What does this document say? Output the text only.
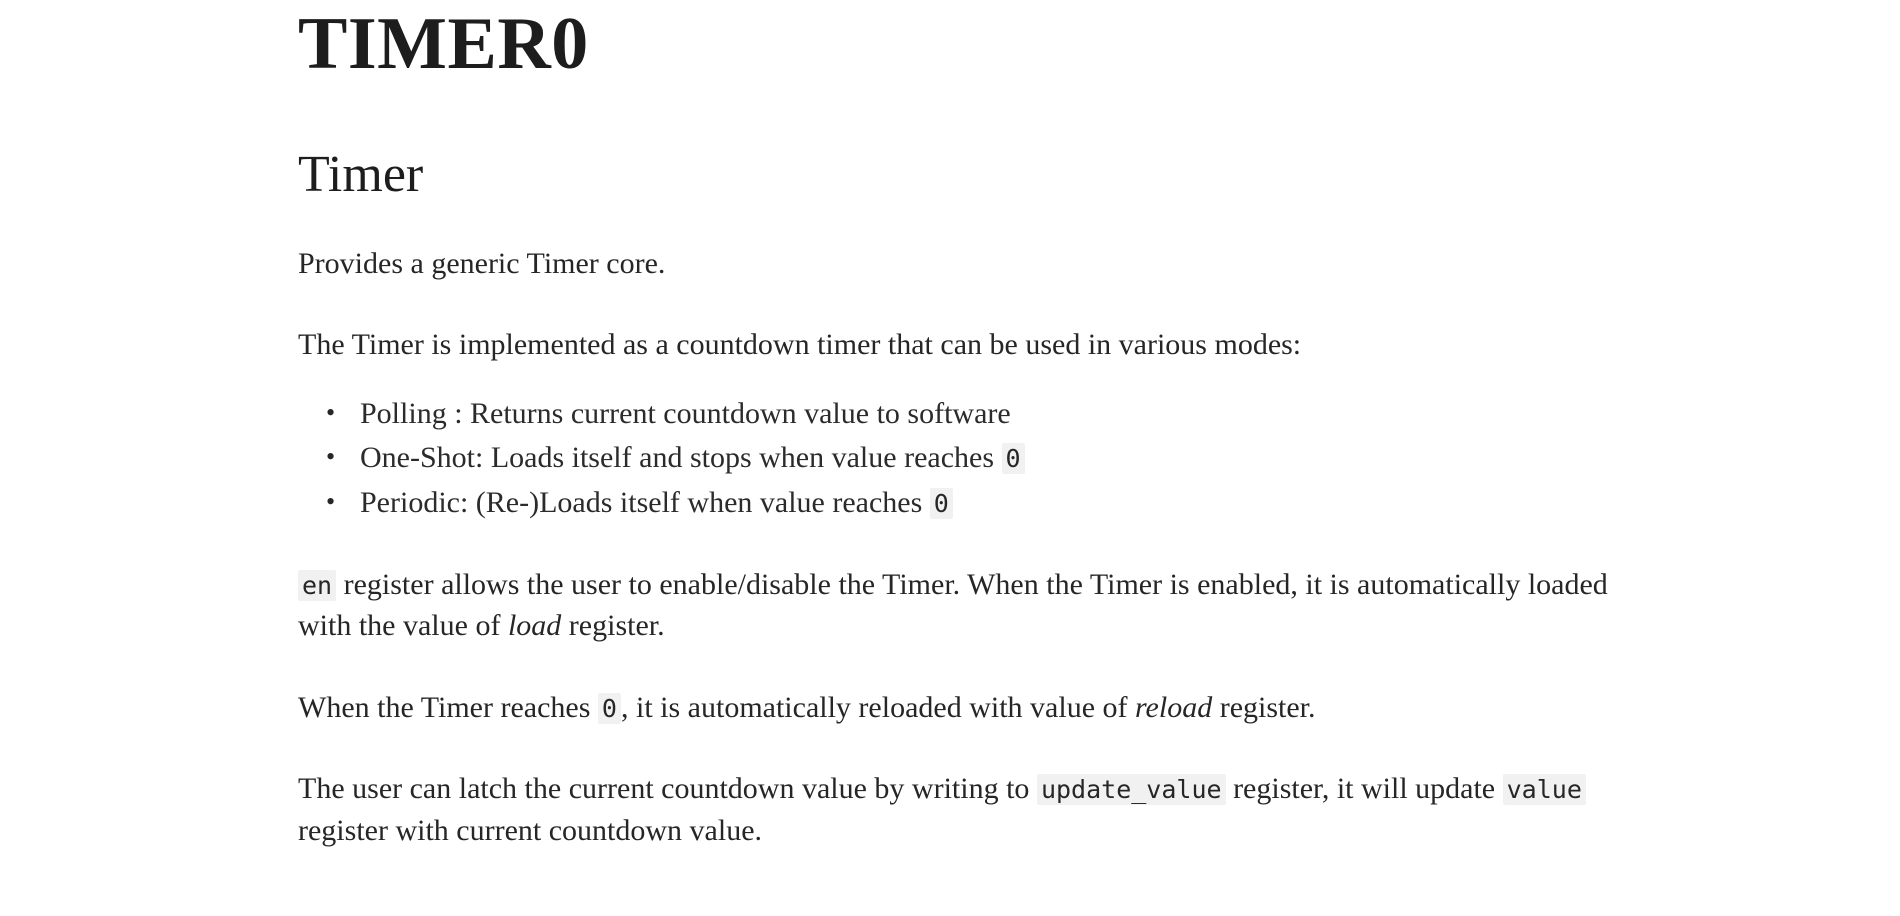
TIMER0
Timer

Provides a generic Timer core.

The Timer is implemented as a countdown timer that can be used in various modes:

• Polling : Returns current countdown value to software
• One-Shot: Loads itself and stops when value reaches 0
• Periodic: (Re-)Loads itself when value reaches 0

en register allows the user to enable/disable the Timer. When the Timer is enabled, it is automatically loaded with the value of load register.

When the Timer reaches 0 , it is automatically reloaded with value of reload register.

The user can latch the current countdown value by writing to update_value register, it will update value register with current countdown value.
